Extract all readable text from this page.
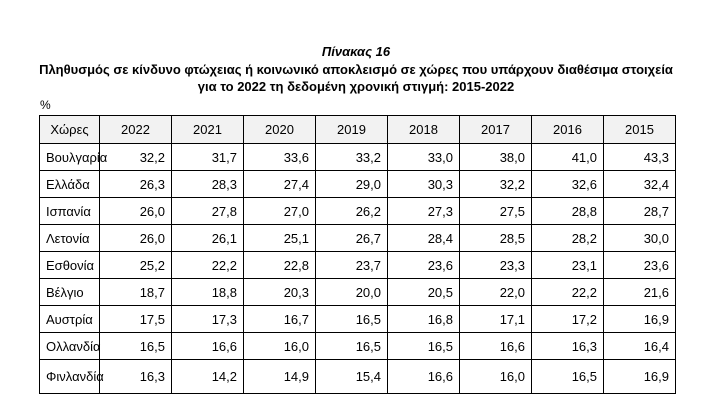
Πίνακας 16
Πληθυσμός σε κίνδυνο φτώχειας ή κοινωνικό αποκλεισμό σε χώρες που υπάρχουν διαθέσιμα στοιχεία
για το 2022 τη δεδομένη χρονική στιγμή: 2015-2022
%
Χώρες	2022	2021	2020	2019	2018	2017	2016	2015
Βουλγαρία	32,2	31,7	33,6	33,2	33,0	38,0	41,0	43,3
Ελλάδα	26,3	28,3	27,4	29,0	30,3	32,2	32,6	32,4
Ισπανία	26,0	27,8	27,0	26,2	27,3	27,5	28,8	28,7
Λετονία	26,0	26,1	25,1	26,7	28,4	28,5	28,2	30,0
Εσθονία	25,2	22,2	22,8	23,7	23,6	23,3	23,1	23,6
Βέλγιο	18,7	18,8	20,3	20,0	20,5	22,0	22,2	21,6
Αυστρία	17,5	17,3	16,7	16,5	16,8	17,1	17,2	16,9
Ολλανδία	16,5	16,6	16,0	16,5	16,5	16,6	16,3	16,4
Φινλανδία	16,3	14,2	14,9	15,4	16,6	16,0	16,5	16,9
